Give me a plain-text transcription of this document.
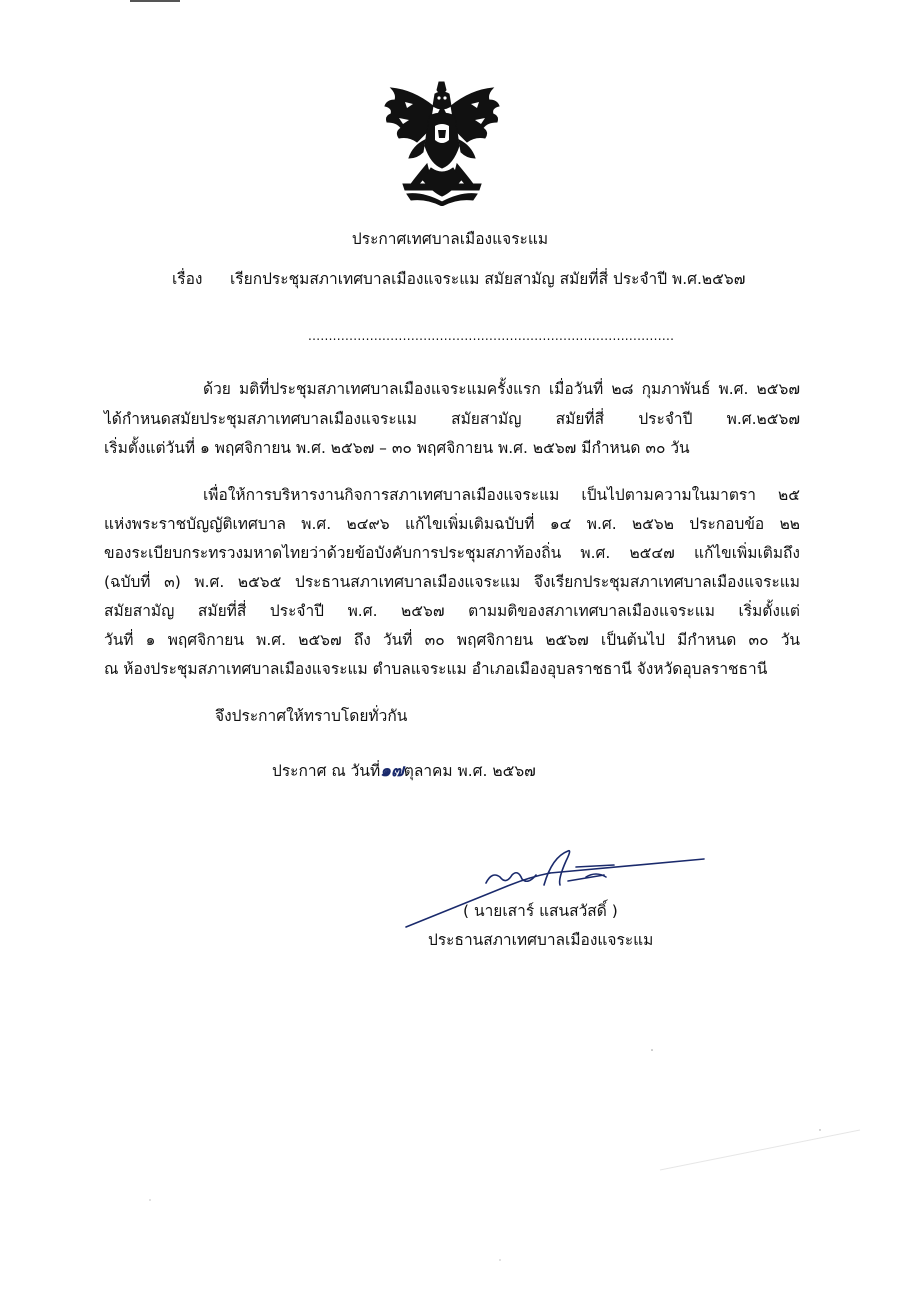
ประกาศเทศบาลเมืองแจระแม
เรื่อง เรียกประชุมสภาเทศบาลเมืองแจระแม สมัยสามัญ สมัยที่สี่ ประจำปี พ.ศ.๒๕๖๗
.........................................................................................
ด้วย มติที่ประชุมสภาเทศบาลเมืองแจระแมครั้งแรก เมื่อวันที่ ๒๘ กุมภาพันธ์ พ.ศ. ๒๕๖๗
ได้กำหนดสมัยประชุมสภาเทศบาลเมืองแจระแม สมัยสามัญ สมัยที่สี่ ประจำปี พ.ศ.๒๕๖๗
เริ่มตั้งแต่วันที่ ๑ พฤศจิกายน พ.ศ. ๒๕๖๗ – ๓๐ พฤศจิกายน พ.ศ. ๒๕๖๗ มีกำหนด ๓๐ วัน
เพื่อให้การบริหารงานกิจการสภาเทศบาลเมืองแจระแม เป็นไปตามความในมาตรา ๒๕
แห่งพระราชบัญญัติเทศบาล พ.ศ. ๒๔๙๖ แก้ไขเพิ่มเติมฉบับที่ ๑๔ พ.ศ. ๒๕๖๒ ประกอบข้อ ๒๒
ของระเบียบกระทรวงมหาดไทยว่าด้วยข้อบังคับการประชุมสภาท้องถิ่น พ.ศ. ๒๕๔๗ แก้ไขเพิ่มเติมถึง
(ฉบับที่ ๓) พ.ศ. ๒๕๖๕ ประธานสภาเทศบาลเมืองแจระแม จึงเรียกประชุมสภาเทศบาลเมืองแจระแม
สมัยสามัญ สมัยที่สี่ ประจำปี พ.ศ. ๒๕๖๗ ตามมติของสภาเทศบาลเมืองแจระแม เริ่มตั้งแต่
วันที่ ๑ พฤศจิกายน พ.ศ. ๒๕๖๗ ถึง วันที่ ๓๐ พฤศจิกายน ๒๕๖๗ เป็นต้นไป มีกำหนด ๓๐ วัน
ณ ห้องประชุมสภาเทศบาลเมืองแจระแม ตำบลแจระแม อำเภอเมืองอุบลราชธานี จังหวัดอุบลราชธานี
จึงประกาศให้ทราบโดยทั่วกัน
ประกาศ ณ วันที่๑๗ตุลาคม พ.ศ. ๒๕๖๗
( นายเสาร์ แสนสวัสดิ์ )
ประธานสภาเทศบาลเมืองแจระแม
